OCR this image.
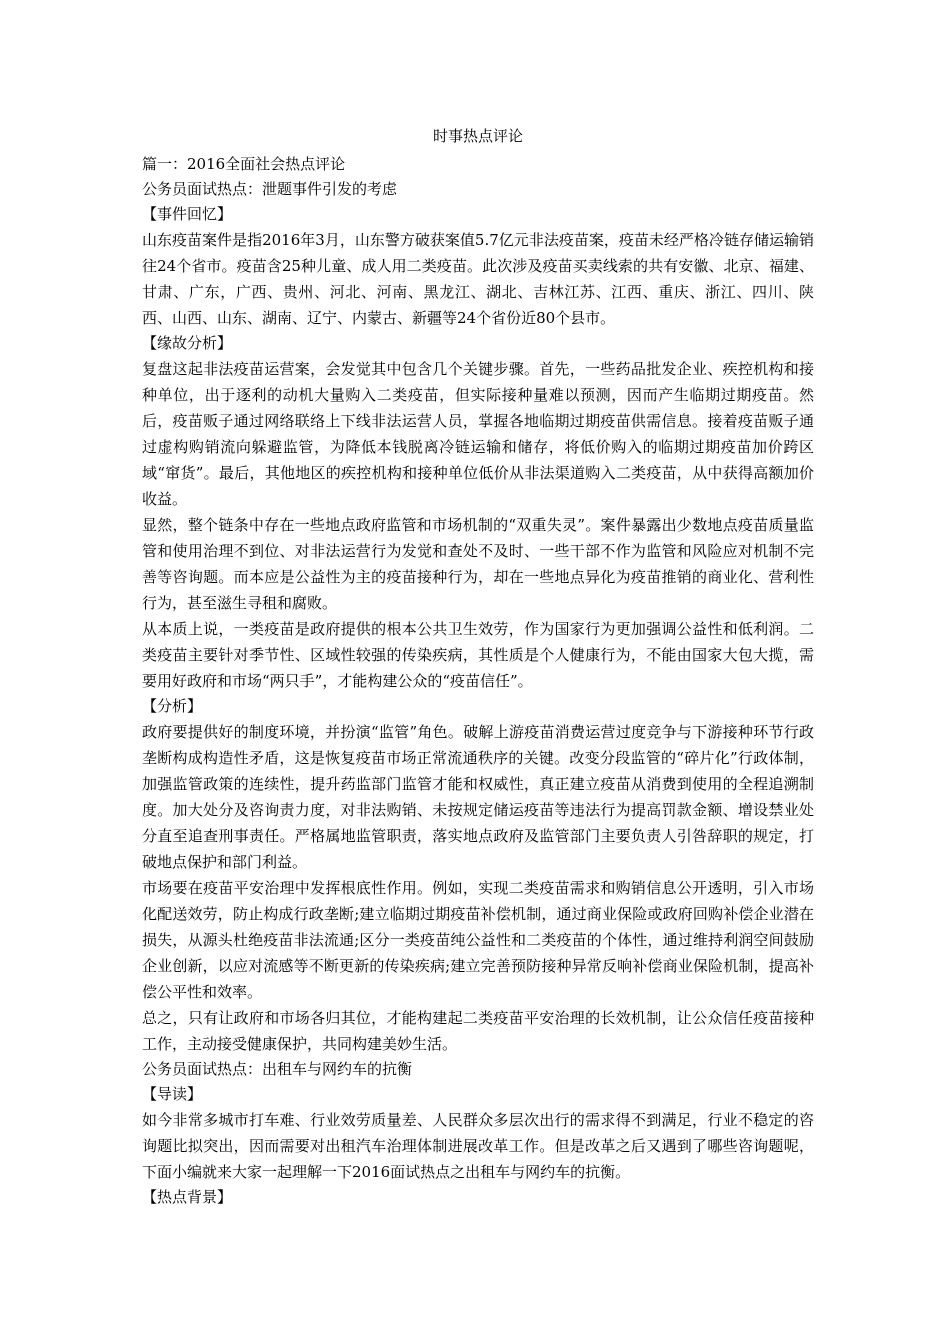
时事热点评论

篇一：2016全面社会热点评论

公务员面试热点：泄题事件引发的考虑

【事件回忆】

山东疫苗案件是指2016年3月，山东警方破获案值5.7亿元非法疫苗案，疫苗未经严格冷链存储运输销往24个省市。疫苗含25种儿童、成人用二类疫苗。此次涉及疫苗买卖线索的共有安徽、北京、福建、甘肃、广东，广西、贵州、河北、河南、黑龙江、湖北、吉林江苏、江西、重庆、浙江、四川、陕西、山西、山东、湖南、辽宁、内蒙古、新疆等24个省份近80个县市。

【缘故分析】

复盘这起非法疫苗运营案，会发觉其中包含几个关键步骤。首先，一些药品批发企业、疾控机构和接种单位，出于逐利的动机大量购入二类疫苗，但实际接种量难以预测，因而产生临期过期疫苗。然后，疫苗贩子通过网络联络上下线非法运营人员，掌握各地临期过期疫苗供需信息。接着疫苗贩子通过虚构购销流向躲避监管，为降低本钱脱离冷链运输和储存，将低价购入的临期过期疫苗加价跨区域“窜货”。最后，其他地区的疾控机构和接种单位低价从非法渠道购入二类疫苗，从中获得高额加价收益。

显然，整个链条中存在一些地点政府监管和市场机制的“双重失灵”。案件暴露出少数地点疫苗质量监管和使用治理不到位、对非法运营行为发觉和查处不及时、一些干部不作为监管和风险应对机制不完善等咨询题。而本应是公益性为主的疫苗接种行为，却在一些地点异化为疫苗推销的商业化、营利性行为，甚至滋生寻租和腐败。

从本质上说，一类疫苗是政府提供的根本公共卫生效劳，作为国家行为更加强调公益性和低利润。二类疫苗主要针对季节性、区域性较强的传染疾病，其性质是个人健康行为，不能由国家大包大揽，需要用好政府和市场“两只手”，才能构建公众的“疫苗信任”。

【分析】

政府要提供好的制度环境，并扮演“监管”角色。破解上游疫苗消费运营过度竞争与下游接种环节行政垄断构成构造性矛盾，这是恢复疫苗市场正常流通秩序的关键。改变分段监管的“碎片化”行政体制，加强监管政策的连续性，提升药监部门监管才能和权威性，真正建立疫苗从消费到使用的全程追溯制度。加大处分及咨询责力度，对非法购销、未按规定储运疫苗等违法行为提高罚款金额、增设禁业处分直至追查刑事责任。严格属地监管职责，落实地点政府及监管部门主要负责人引咎辞职的规定，打破地点保护和部门利益。

市场要在疫苗平安治理中发挥根底性作用。例如，实现二类疫苗需求和购销信息公开透明，引入市场化配送效劳，防止构成行政垄断;建立临期过期疫苗补偿机制，通过商业保险或政府回购补偿企业潜在损失，从源头杜绝疫苗非法流通;区分一类疫苗纯公益性和二类疫苗的个体性，通过维持利润空间鼓励企业创新，以应对流感等不断更新的传染疾病;建立完善预防接种异常反响补偿商业保险机制，提高补偿公平性和效率。

总之，只有让政府和市场各归其位，才能构建起二类疫苗平安治理的长效机制，让公众信任疫苗接种工作，主动接受健康保护，共同构建美妙生活。

公务员面试热点：出租车与网约车的抗衡

【导读】

如今非常多城市打车难、行业效劳质量差、人民群众多层次出行的需求得不到满足，行业不稳定的咨询题比拟突出，因而需要对出租汽车治理体制进展改革工作。但是改革之后又遇到了哪些咨询题呢，下面小编就来大家一起理解一下2016面试热点之出租车与网约车的抗衡。

【热点背景】
